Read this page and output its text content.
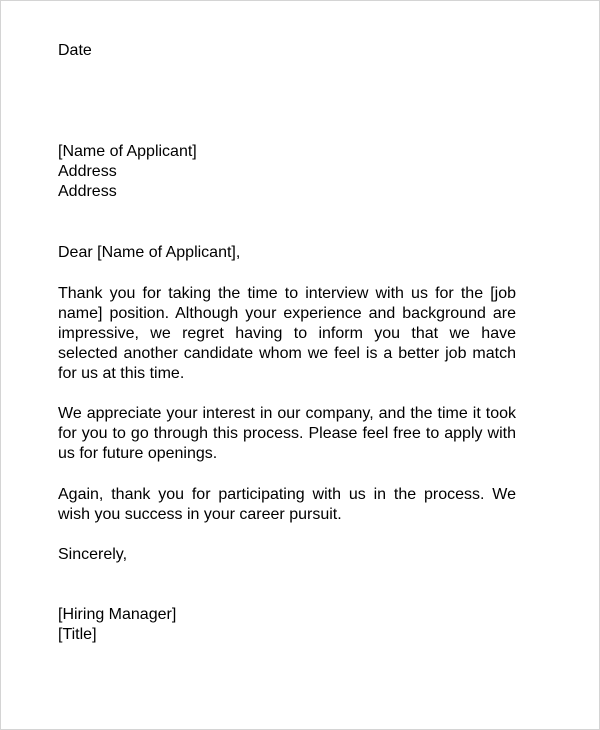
Date

[Name of Applicant]

Address

Address

Dear [Name of Applicant],

Thank you for taking the time to interview with us for the [job name] position. Although your experience and background are impressive, we regret having to inform you that we have selected another candidate whom we feel is a better job match for us at this time.

We appreciate your interest in our company, and the time it took for you to go through this process. Please feel free to apply with us for future openings.

Again, thank you for participating with us in the process. We wish you success in your career pursuit.

Sincerely,

[Hiring Manager]

[Title]
